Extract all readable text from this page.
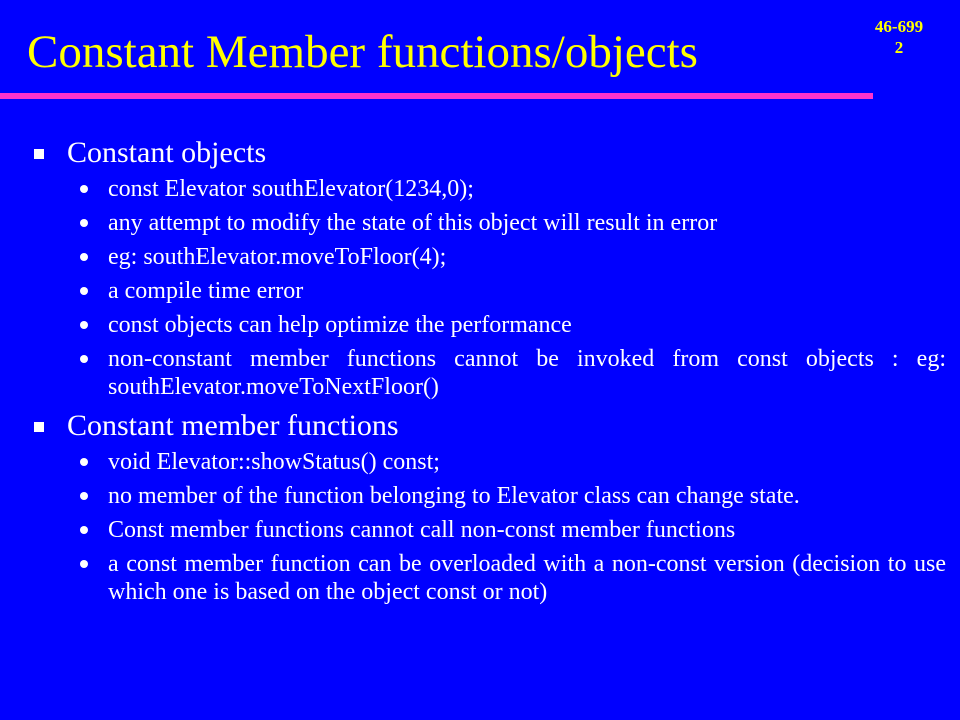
Constant Member functions/objects	46-699
2

Constant objects

const Elevator southElevator(1234,0);

any attempt to modify the state of this object will result in error

eg: southElevator.moveToFloor(4);

a compile time error

const objects can help optimize the performance

non-constant member functions cannot be invoked from const objects : eg: southElevator.moveToNextFloor()

Constant member functions

void Elevator::showStatus() const;

no member of the function belonging to Elevator class can change state.

Const member functions cannot call non-const member functions

a const member function can be overloaded with a non-const version (decision to use which one is based on the object const or not)
